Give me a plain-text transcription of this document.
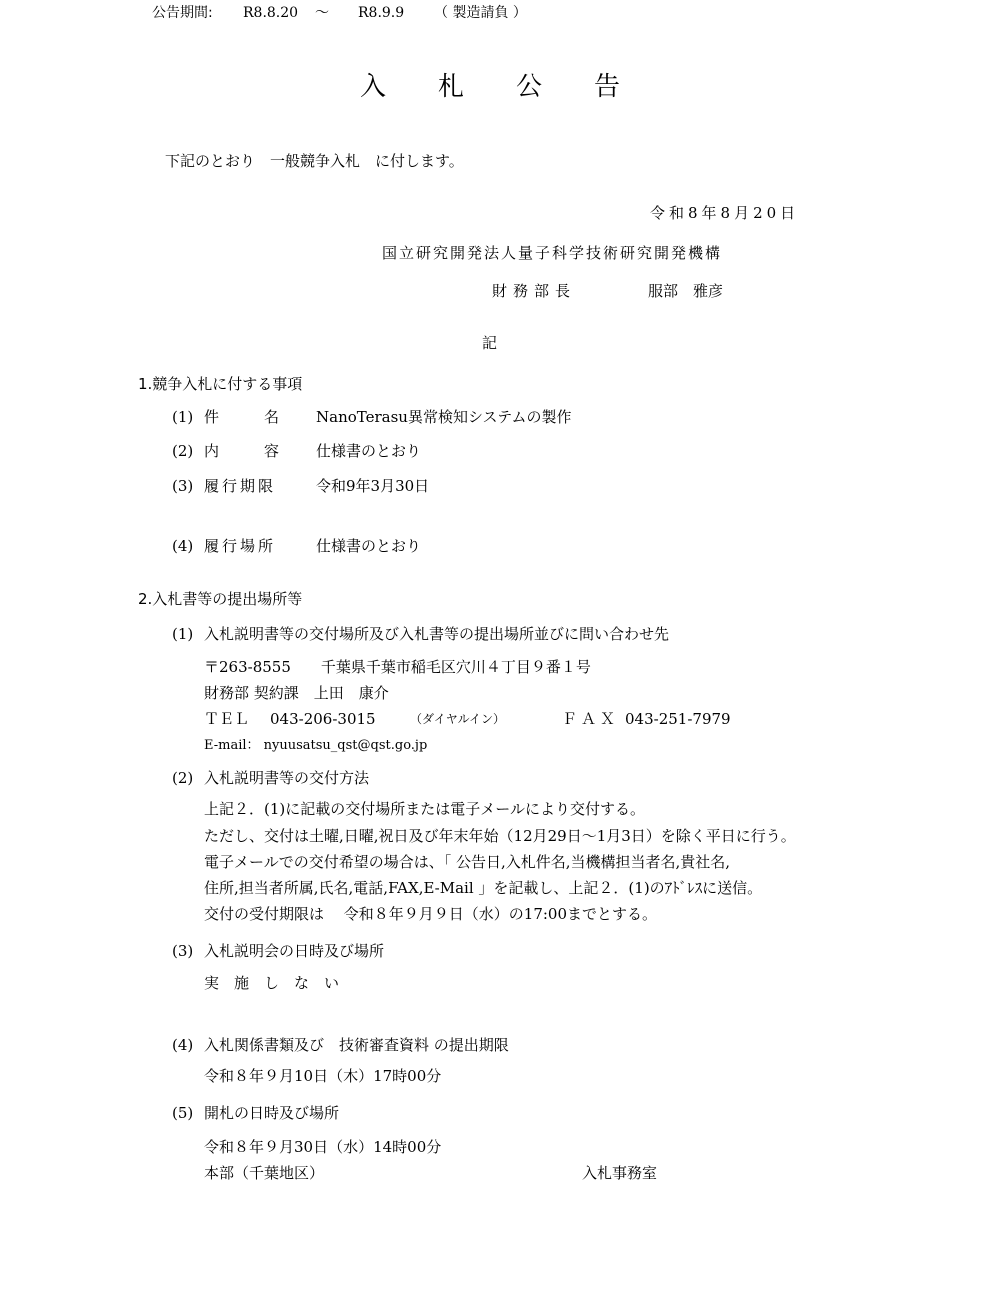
公告期間: R8.8.20 ～ R8.9.9 （ 製造請負 ）
入 札 公 告
下記のとおり　一般競争入札　に付します。
令和8年8月20日
国立研究開発法人量子科学技術研究開発機構
財務部長	服部　雅彦
記
1.競争入札に付する事項
(1) 件　　　名 NanoTerasu異常検知システムの製作
(2) 内　　　容 仕様書のとおり
(3) 履行期限	令和9年3月30日
(4) 履行場所	仕様書のとおり
2.入札書等の提出場所等
(1) 入札説明書等の交付場所及び入札書等の提出場所並びに問い合わせ先
〒263-8555　　千葉県千葉市稲毛区穴川４丁目９番１号
財務部 契約課　上田　康介
ＴＥＬ 043-206-3015	（ダイヤルイン）	ＦＡＸ 043-251-7979
E-mail： nyuusatsu_qst@qst.go.jp
(2) 入札説明書等の交付方法
上記２．(1)に記載の交付場所または電子メールにより交付する。
ただし、交付は土曜,日曜,祝日及び年末年始（12月29日～1月3日）を除く平日に行う。
電子メールでの交付希望の場合は、「 公告日,入札件名,当機構担当者名,貴社名,
住所,担当者所属,氏名,電話,FAX,E-Mail 」を記載し、上記２．(1)のｱﾄﾞﾚｽに送信。
交付の受付期限は　 令和８年９月９日（水）の17:00までとする。
(3) 入札説明会の日時及び場所
実　施　し　な　い
(4) 入札関係書類及び　技術審査資料 の提出期限
令和８年９月10日（木）17時00分
(5) 開札の日時及び場所
令和８年９月30日（水）14時00分
本部（千葉地区）	入札事務室
